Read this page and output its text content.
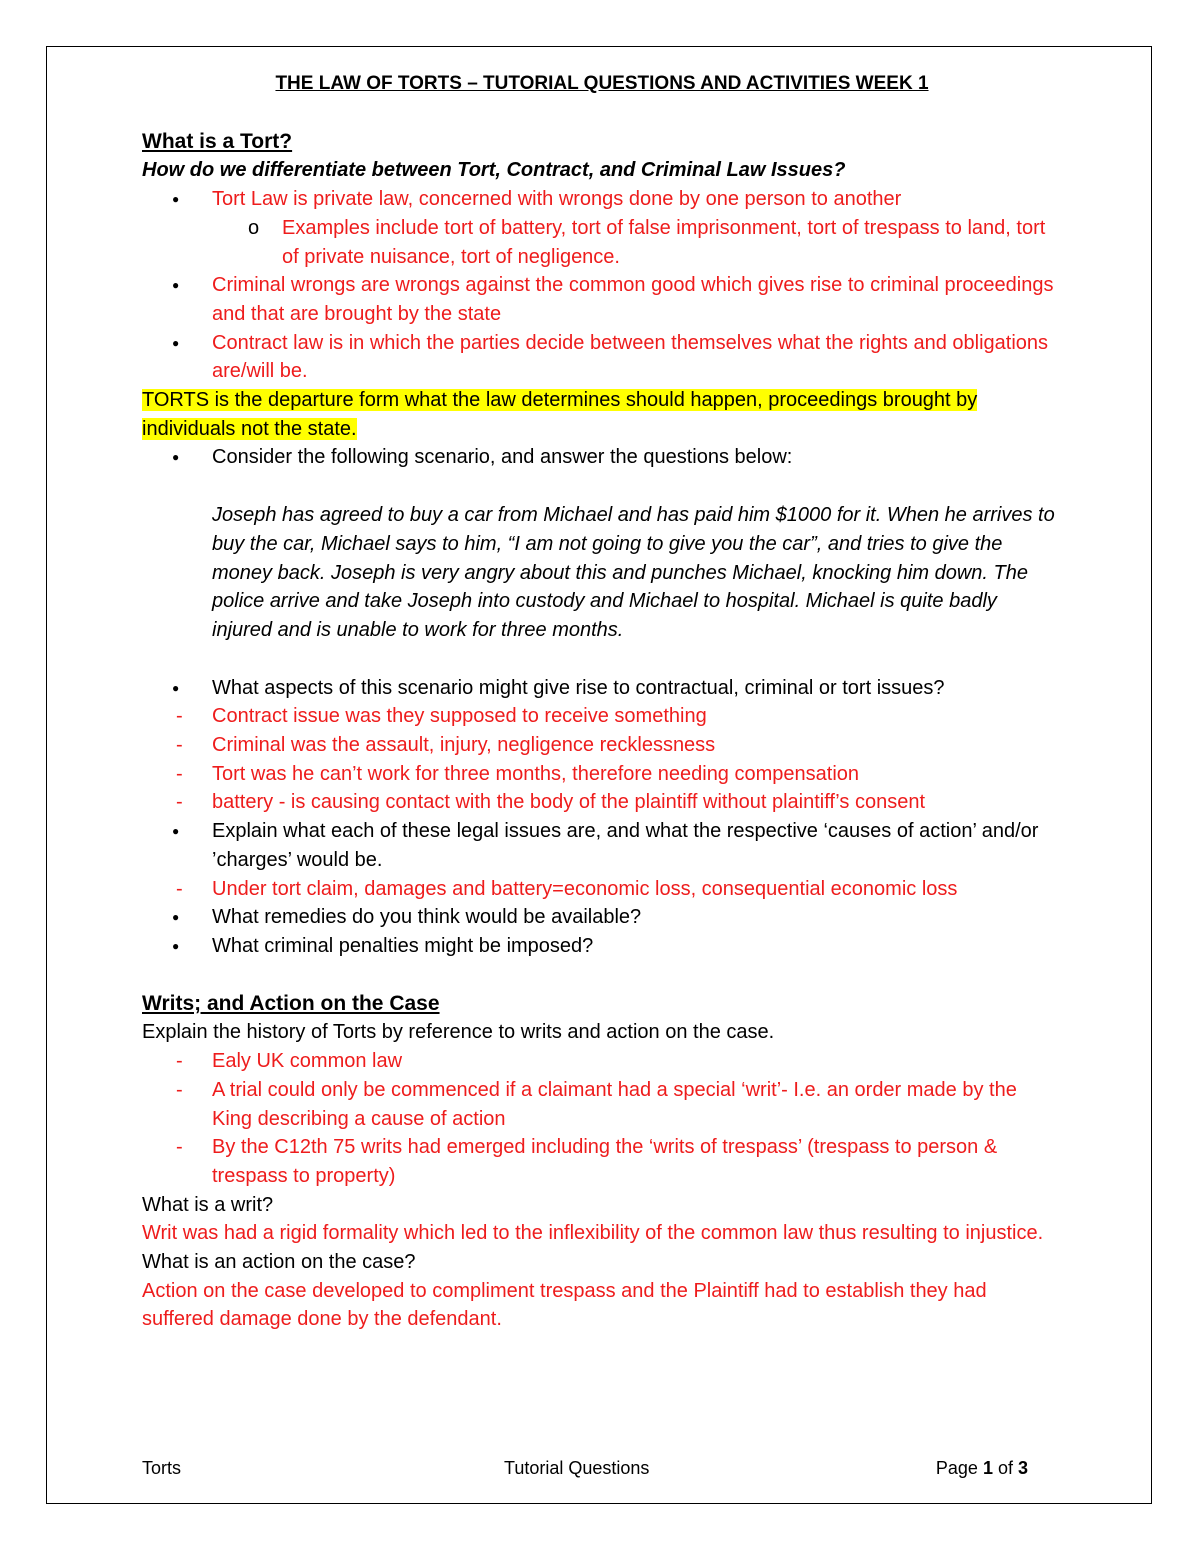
THE LAW OF TORTS – TUTORIAL QUESTIONS AND ACTIVITIES WEEK 1
What is a Tort?
How do we differentiate between Tort, Contract, and Criminal Law Issues?
● Tort Law is private law, concerned with wrongs done by one person to another
o Examples include tort of battery, tort of false imprisonment, tort of trespass to land, tort of private nuisance, tort of negligence.
● Criminal wrongs are wrongs against the common good which gives rise to criminal proceedings and that are brought by the state
● Contract law is in which the parties decide between themselves what the rights and obligations are/will be.
TORTS is the departure form what the law determines should happen, proceedings brought by individuals not the state.
● Consider the following scenario, and answer the questions below:
Joseph has agreed to buy a car from Michael and has paid him $1000 for it. When he arrives to buy the car, Michael says to him, “I am not going to give you the car”, and tries to give the money back. Joseph is very angry about this and punches Michael, knocking him down. The police arrive and take Joseph into custody and Michael to hospital. Michael is quite badly injured and is unable to work for three months.
● What aspects of this scenario might give rise to contractual, criminal or tort issues?
- Contract issue was they supposed to receive something
- Criminal was the assault, injury, negligence recklessness
- Tort was he can’t work for three months, therefore needing compensation
- battery - is causing contact with the body of the plaintiff without plaintiff’s consent
● Explain what each of these legal issues are, and what the respective ‘causes of action’ and/or ’charges’ would be.
- Under tort claim, damages and battery=economic loss, consequential economic loss
● What remedies do you think would be available?
● What criminal penalties might be imposed?
Writs; and Action on the Case
Explain the history of Torts by reference to writs and action on the case.
- Ealy UK common law
- A trial could only be commenced if a claimant had a special ‘writ’- I.e. an order made by the King describing a cause of action
- By the C12th 75 writs had emerged including the ‘writs of trespass’ (trespass to person & trespass to property)
What is a writ?
Writ was had a rigid formality which led to the inflexibility of the common law thus resulting to injustice.
What is an action on the case?
Action on the case developed to compliment trespass and the Plaintiff had to establish they had suffered damage done by the defendant.
Torts	Tutorial Questions	Page 1 of 3
